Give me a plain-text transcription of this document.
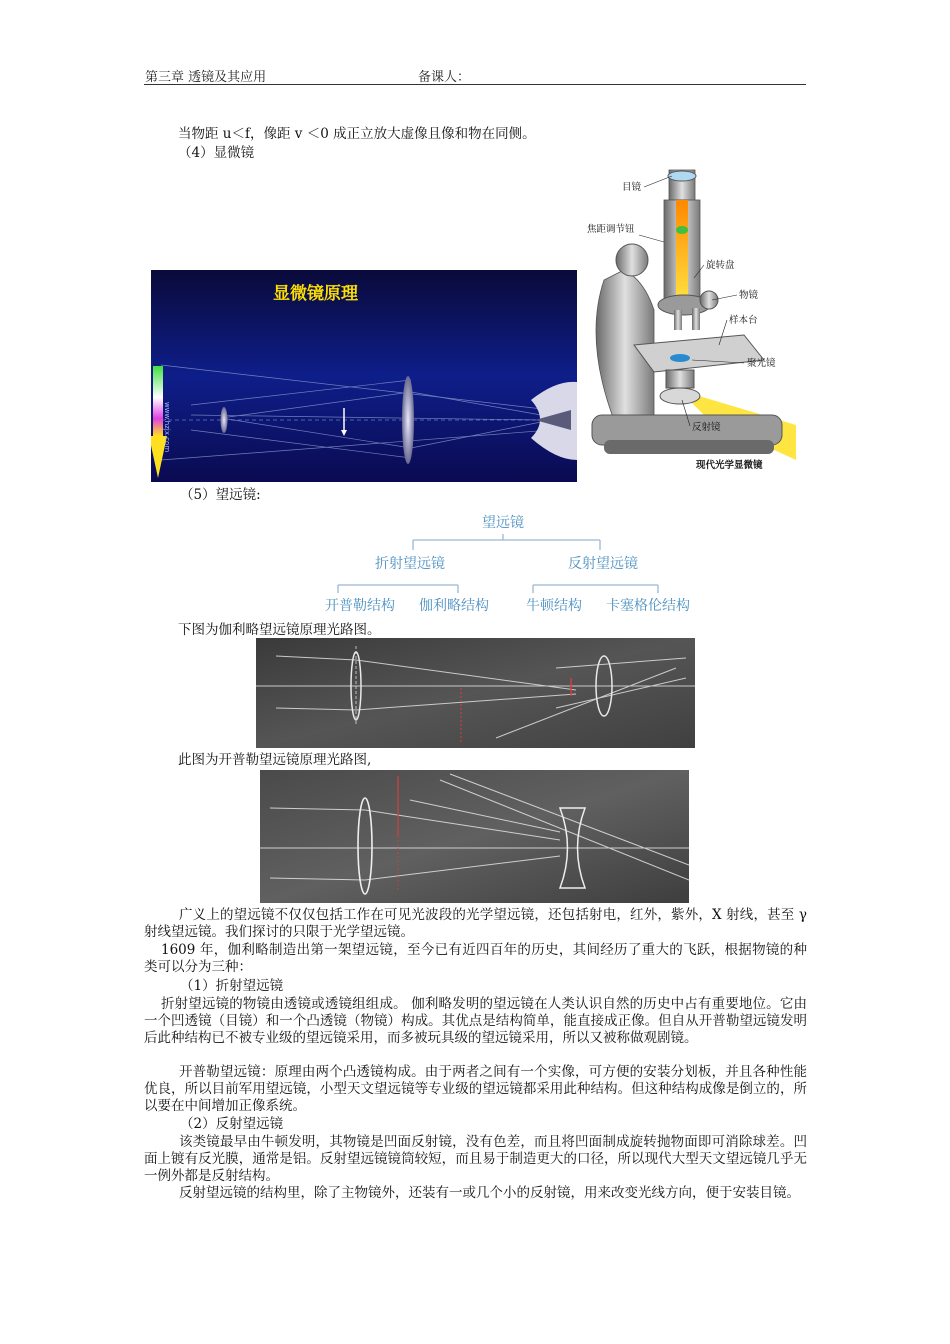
第三章 透镜及其应用	备课人：
当物距 u＜f，像距 v ＜0 成正立放大虚像且像和物在同侧。
（4）显微镜
www.hzjx.com
显微镜原理
目镜
焦距调节钮
旋转盘
物镜
样本台
聚光镜
反射镜
现代光学显微镜
（5）望远镜:
望远镜
折射望远镜	反射望远镜
开普勒结构 伽利略结构	牛顿结构 卡塞格伦结构
下图为伽利略望远镜原理光路图。
此图为开普勒望远镜原理光路图,
广义上的望远镜不仅仅包括工作在可见光波段的光学望远镜，还包括射电，红外，紫外，X 射线，甚至 γ 射线望远镜。我们探讨的只限于光学望远镜。
1609 年，伽利略制造出第一架望远镜，至今已有近四百年的历史，其间经历了重大的飞跃，根据物镜的种类可以分为三种：
（1）折射望远镜
折射望远镜的物镜由透镜或透镜组组成。 伽利略发明的望远镜在人类认识自然的历史中占有重要地位。它由一个凹透镜（目镜）和一个凸透镜（物镜）构成。其优点是结构简单，能直接成正像。但自从开普勒望远镜发明后此种结构已不被专业级的望远镜采用，而多被玩具级的望远镜采用，所以又被称做观剧镜。
开普勒望远镜：原理由两个凸透镜构成。由于两者之间有一个实像，可方便的安装分划板，并且各种性能优良，所以目前军用望远镜，小型天文望远镜等专业级的望远镜都采用此种结构。但这种结构成像是倒立的，所以要在中间增加正像系统。
（2）反射望远镜
该类镜最早由牛顿发明，其物镜是凹面反射镜，没有色差，而且将凹面制成旋转抛物面即可消除球差。凹面上镀有反光膜，通常是铝。反射望远镜镜筒较短，而且易于制造更大的口径，所以现代大型天文望远镜几乎无一例外都是反射结构。
反射望远镜的结构里，除了主物镜外，还装有一或几个小的反射镜，用来改变光线方向，便于安装目镜。
